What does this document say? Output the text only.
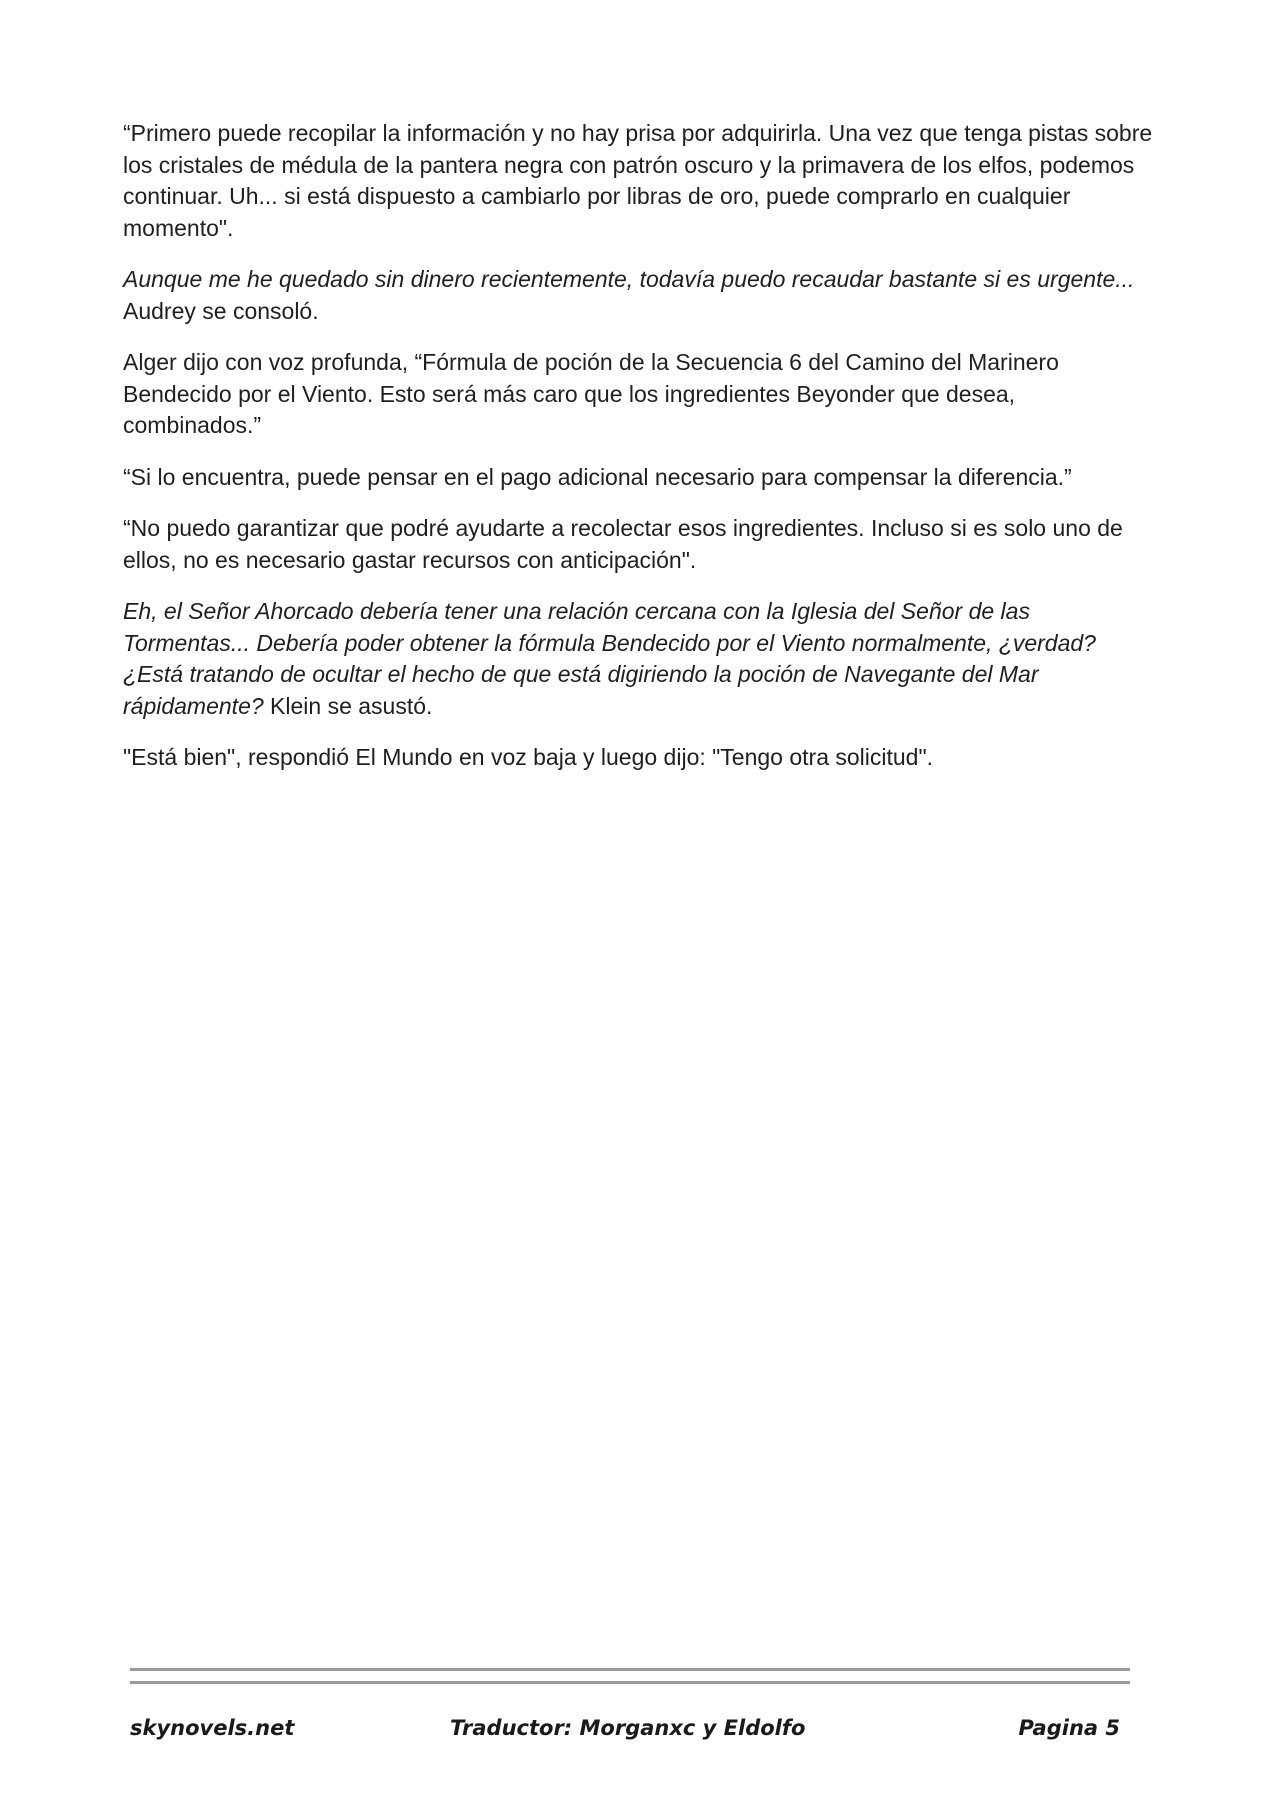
“Primero puede recopilar la información y no hay prisa por adquirirla. Una vez que tenga pistas sobre los cristales de médula de la pantera negra con patrón oscuro y la primavera de los elfos, podemos continuar. Uh... si está dispuesto a cambiarlo por libras de oro, puede comprarlo en cualquier momento".

Aunque me he quedado sin dinero recientemente, todavía puedo recaudar bastante si es urgente... Audrey se consoló.

Alger dijo con voz profunda, “Fórmula de poción de la Secuencia 6 del Camino del Marinero Bendecido por el Viento. Esto será más caro que los ingredientes Beyonder que desea, combinados.”

“Si lo encuentra, puede pensar en el pago adicional necesario para compensar la diferencia.”

“No puedo garantizar que podré ayudarte a recolectar esos ingredientes. Incluso si es solo uno de ellos, no es necesario gastar recursos con anticipación".

Eh, el Señor Ahorcado debería tener una relación cercana con la Iglesia del Señor de las Tormentas... Debería poder obtener la fórmula Bendecido por el Viento normalmente, ¿verdad? ¿Está tratando de ocultar el hecho de que está digiriendo la poción de Navegante del Mar rápidamente? Klein se asustó.

"Está bien", respondió El Mundo en voz baja y luego dijo: "Tengo otra solicitud".

skynovels.net	Traductor: Morganxc y Eldolfo	Pagina 5
